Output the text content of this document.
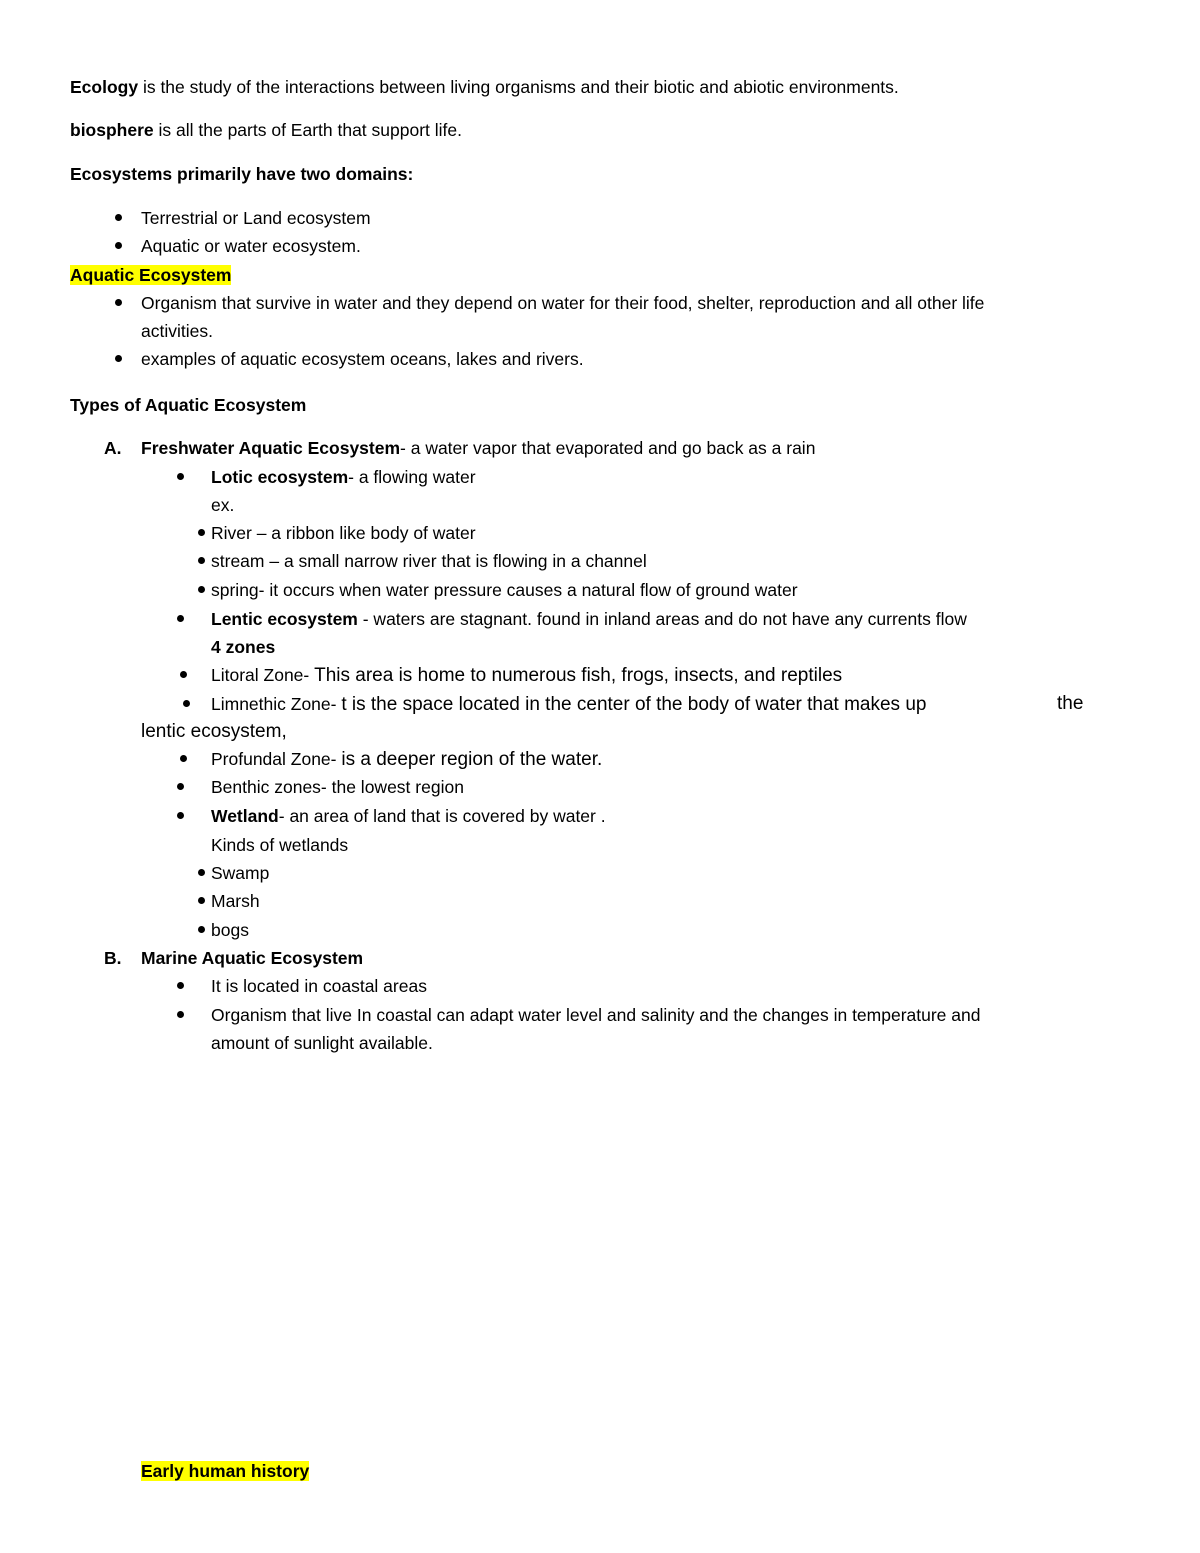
Ecology is the study of the interactions between living organisms and their biotic and abiotic environments.
biosphere is all the parts of Earth that support life.
Ecosystems primarily have two domains:
Terrestrial or Land ecosystem
Aquatic or water ecosystem.
Aquatic Ecosystem
Organism that survive in water and they depend on water for their food, shelter, reproduction and all other life
activities.
examples of aquatic ecosystem oceans, lakes and rivers.
Types of Aquatic Ecosystem
A. Freshwater Aquatic Ecosystem- a water vapor that evaporated and go back as a rain
Lotic ecosystem- a flowing water
ex.
River – a ribbon like body of water
stream – a small narrow river that is flowing in a channel
spring- it occurs when water pressure causes a natural flow of ground water
Lentic ecosystem - waters are stagnant. found in inland areas and do not have any currents flow
4 zones
Litoral Zone- This area is home to numerous fish, frogs, insects, and reptiles
Limnethic Zone- t is the space located in the center of the body of water that makes up	the
lentic ecosystem,
Profundal Zone- is a deeper region of the water.
Benthic zones- the lowest region
Wetland- an area of land that is covered by water .
Kinds of wetlands
Swamp
Marsh
bogs
B. Marine Aquatic Ecosystem
It is located in coastal areas
Organism that live In coastal can adapt water level and salinity and the changes in temperature and
amount of sunlight available.
Early human history
